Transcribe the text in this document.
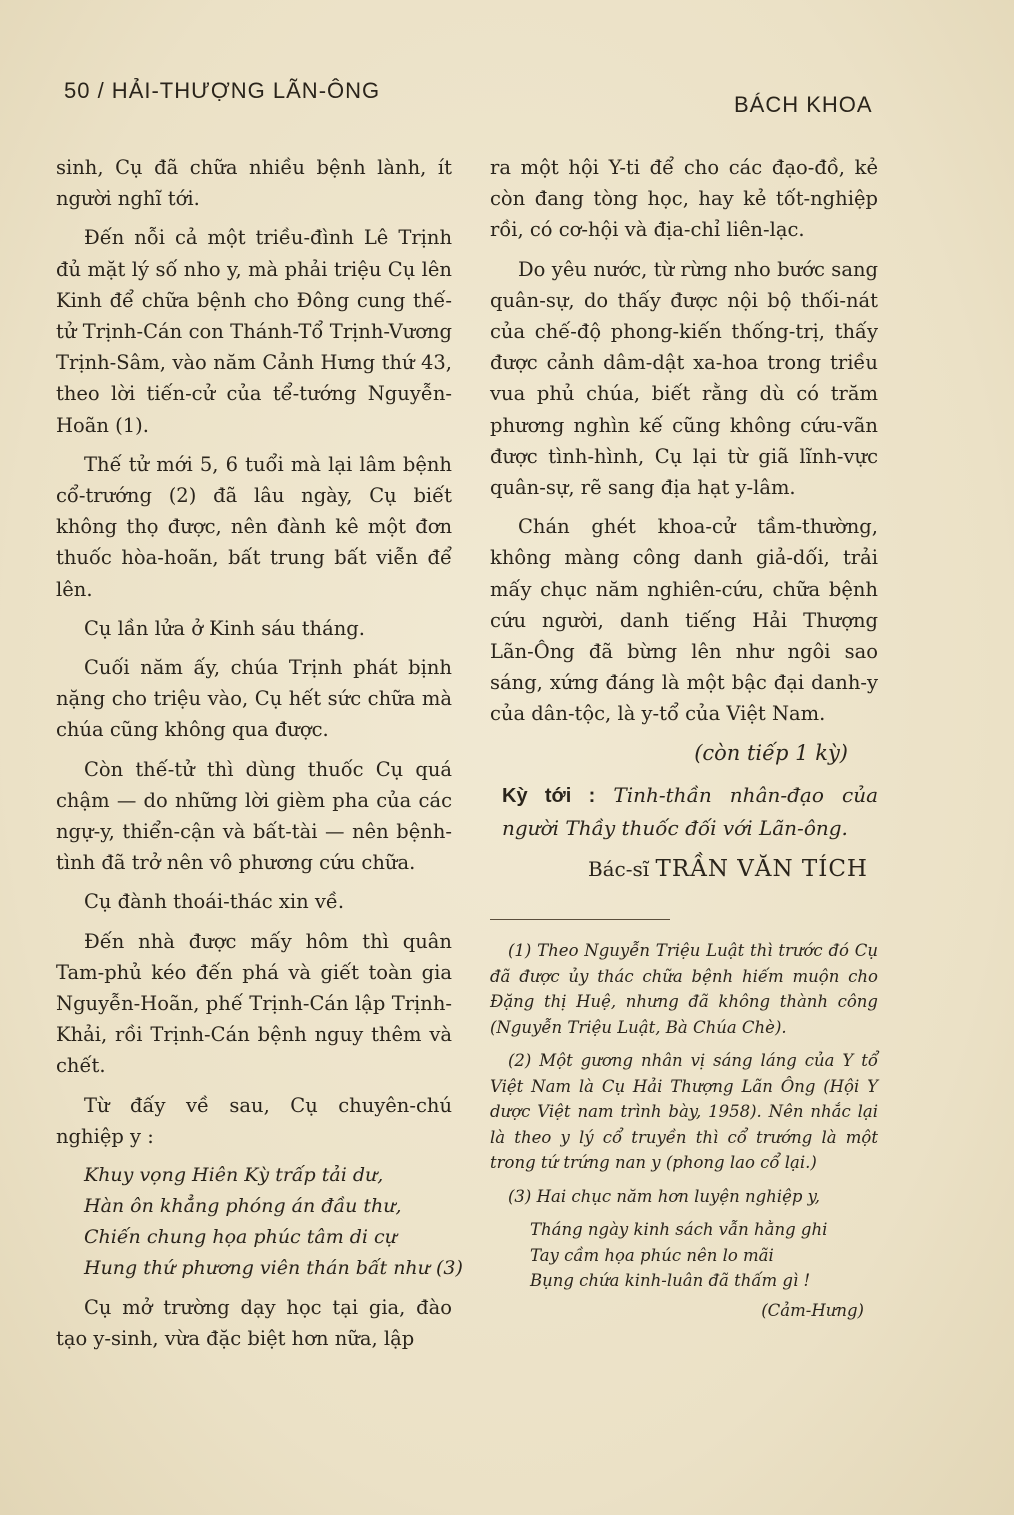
50 / HẢI-THƯỢNG LÃN-ÔNG
BÁCH KHOA

sinh, Cụ đã chữa nhiều bệnh lành, ít người nghĩ tới.

Đến nỗi cả một triều-đình Lê Trịnh đủ mặt lý số nho y, mà phải triệu Cụ lên Kinh để chữa bệnh cho Đông cung thế-tử Trịnh-Cán con Thánh-Tổ Trịnh-Vương Trịnh-Sâm, vào năm Cảnh Hưng thứ 43, theo lời tiến-cử của tể-tướng Nguyễn-Hoãn (1).

Thế tử mới 5, 6 tuổi mà lại lâm bệnh cổ-trướng (2) đã lâu ngày, Cụ biết không thọ được, nên đành kê một đơn thuốc hòa-hoãn, bất trung bất viễn để lên.

Cụ lần lửa ở Kinh sáu tháng.

Cuối năm ấy, chúa Trịnh phát bịnh nặng cho triệu vào, Cụ hết sức chữa mà chúa cũng không qua được.

Còn thế-tử thì dùng thuốc Cụ quá chậm — do những lời gièm pha của các ngự-y, thiển-cận và bất-tài — nên bệnh-tình đã trở nên vô phương cứu chữa.

Cụ đành thoái-thác xin về.

Đến nhà được mấy hôm thì quân Tam-phủ kéo đến phá và giết toàn gia Nguyễn-Hoãn, phế Trịnh-Cán lập Trịnh-Khải, rồi Trịnh-Cán bệnh nguy thêm và chết.

Từ đấy về sau, Cụ chuyên-chú nghiệp y :

Khuy vọng Hiên Kỳ trấp tải dư,
Hàn ôn khẳng phóng án đầu thư,
Chiến chung họa phúc tâm di cự
Hung thứ phương viên thán bất như (3)

Cụ mở trường dạy học tại gia, đào tạo y-sinh, vừa đặc biệt hơn nữa, lập

ra một hội Y-ti để cho các đạo-đồ, kẻ còn đang tòng học, hay kẻ tốt-nghiệp rồi, có cơ-hội và địa-chỉ liên-lạc.

Do yêu nước, từ rừng nho bước sang quân-sự, do thấy được nội bộ thối-nát của chế-độ phong-kiến thống-trị, thấy được cảnh dâm-dật xa-hoa trong triều vua phủ chúa, biết rằng dù có trăm phương nghìn kế cũng không cứu-vãn được tình-hình, Cụ lại từ giã lĩnh-vực quân-sự, rẽ sang địa hạt y-lâm.

Chán ghét khoa-cử tầm-thường, không màng công danh giả-dối, trải mấy chục năm nghiên-cứu, chữa bệnh cứu người, danh tiếng Hải Thượng Lãn-Ông đã bừng lên như ngôi sao sáng, xứng đáng là một bậc đại danh-y của dân-tộc, là y-tổ của Việt Nam.

(còn tiếp 1 kỳ)
Kỳ tới : Tinh-thần nhân-đạo của người Thầy thuốc đối với Lãn-ông.
Bác-sĩ TRẦN VĂN TÍCH

(1) Theo Nguyễn Triệu Luật thì trước đó Cụ đã được ủy thác chữa bệnh hiếm muộn cho Đặng thị Huệ, nhưng đã không thành công (Nguyễn Triệu Luật, Bà Chúa Chè).

(2) Một gương nhân vị sáng láng của Y tổ Việt Nam là Cụ Hải Thượng Lãn Ông (Hội Y dược Việt nam trình bày, 1958). Nên nhắc lại là theo y lý cổ truyền thì cổ trướng là một trong tứ trứng nan y (phong lao cổ lại.)

(3) Hai chục năm hơn luyện nghiệp y,

Tháng ngày kinh sách vẫn hằng ghi
Tay cầm họa phúc nên lo mãi
Bụng chứa kinh-luân đã thấm gì !
(Cảm-Hưng)
